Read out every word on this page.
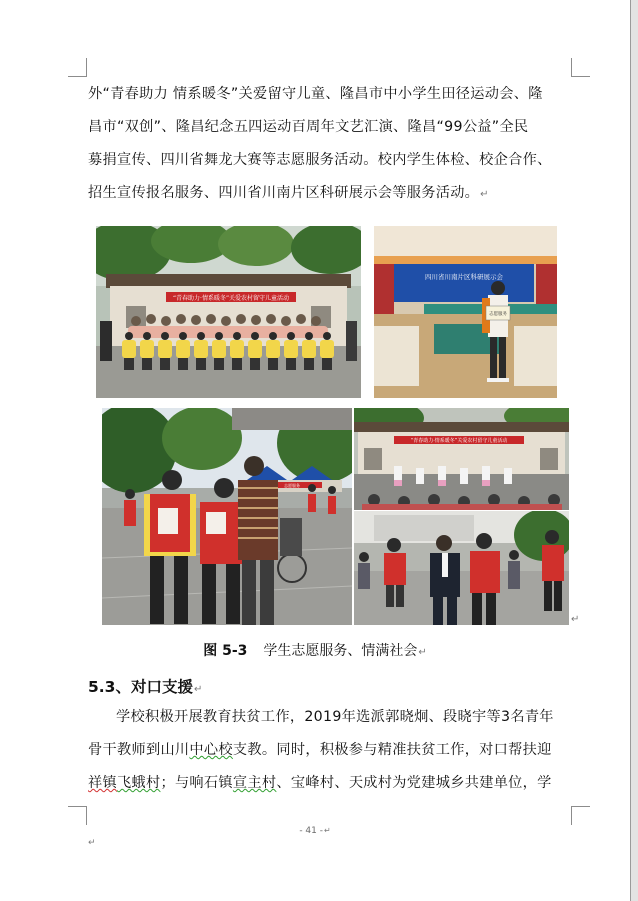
外“青春助力 情系暖冬”关爱留守儿童、隆昌市中小学生田径运动会、隆
昌市“双创”、隆昌纪念五四运动百周年文艺汇演、隆昌“99公益”全民
募捐宣传、四川省舞龙大赛等志愿服务活动。校内学生体检、校企合作、
招生宣传报名服务、四川省川南片区科研展示会等服务活动。↵
“青春助力·情系暖冬”关爱农村留守儿童活动
四川省川南片区科研展示会
志愿服务
志愿服务
“青春助力·情系暖冬”关爱农村留守儿童活动
↵
图 5-3 学生志愿服务、情满社会↵
5.3、对口支援↵
学校积极开展教育扶贫工作，2019年选派郭晓炯、段晓宇等3名青年
骨干教师到山川中心校支教。同时，积极参与精准扶贫工作，对口帮扶迎
祥镇飞蛾村；与响石镇宣主村、宝峰村、天成村为党建城乡共建单位，学
- 41 -↵
↵
